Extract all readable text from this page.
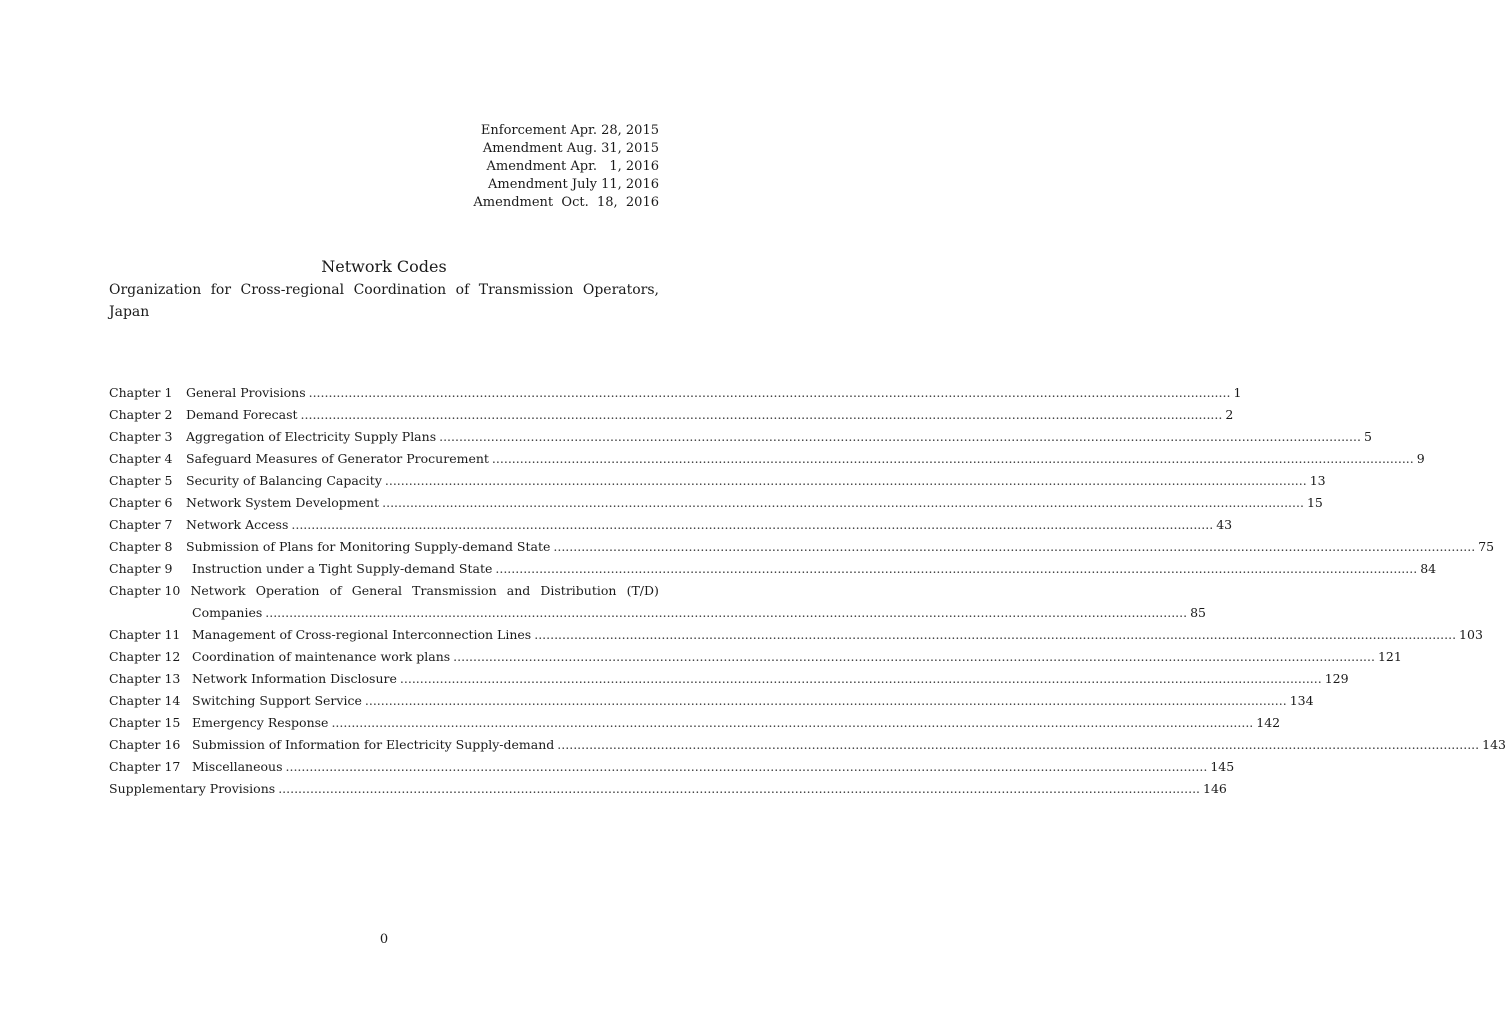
Enforcement Apr. 28, 2015
Amendment Aug. 31, 2015
Amendment Apr.   1, 2016
Amendment July 11, 2016
Amendment  Oct.  18,  2016
Network Codes
Organization for Cross-regional Coordination of Transmission Operators, Japan
Chapter 1	General Provisions .....	1
Chapter 2	Demand Forecast .....	2
Chapter 3	Aggregation of Electricity Supply Plans .....	5
Chapter 4	Safeguard Measures of Generator Procurement .....	9
Chapter 5	Security of Balancing Capacity .....	13
Chapter 6	Network System Development .....	15
Chapter 7	Network Access .....	43
Chapter 8	Submission of Plans for Monitoring Supply-demand State .....	75
Chapter 9	Instruction under a Tight Supply-demand State .....	84
Chapter 10 Network Operation of General Transmission and Distribution (T/D)
Companies .....	85
Chapter 11 Management of Cross-regional Interconnection Lines .....	103
Chapter 12 Coordination of maintenance work plans .....	121
Chapter 13 Network Information Disclosure .....	129
Chapter 14 Switching Support Service .....	134
Chapter 15 Emergency Response .....	142
Chapter 16 Submission of Information for Electricity Supply-demand .....	143
Chapter 17 Miscellaneous .....	145
Supplementary Provisions .....	146
0
